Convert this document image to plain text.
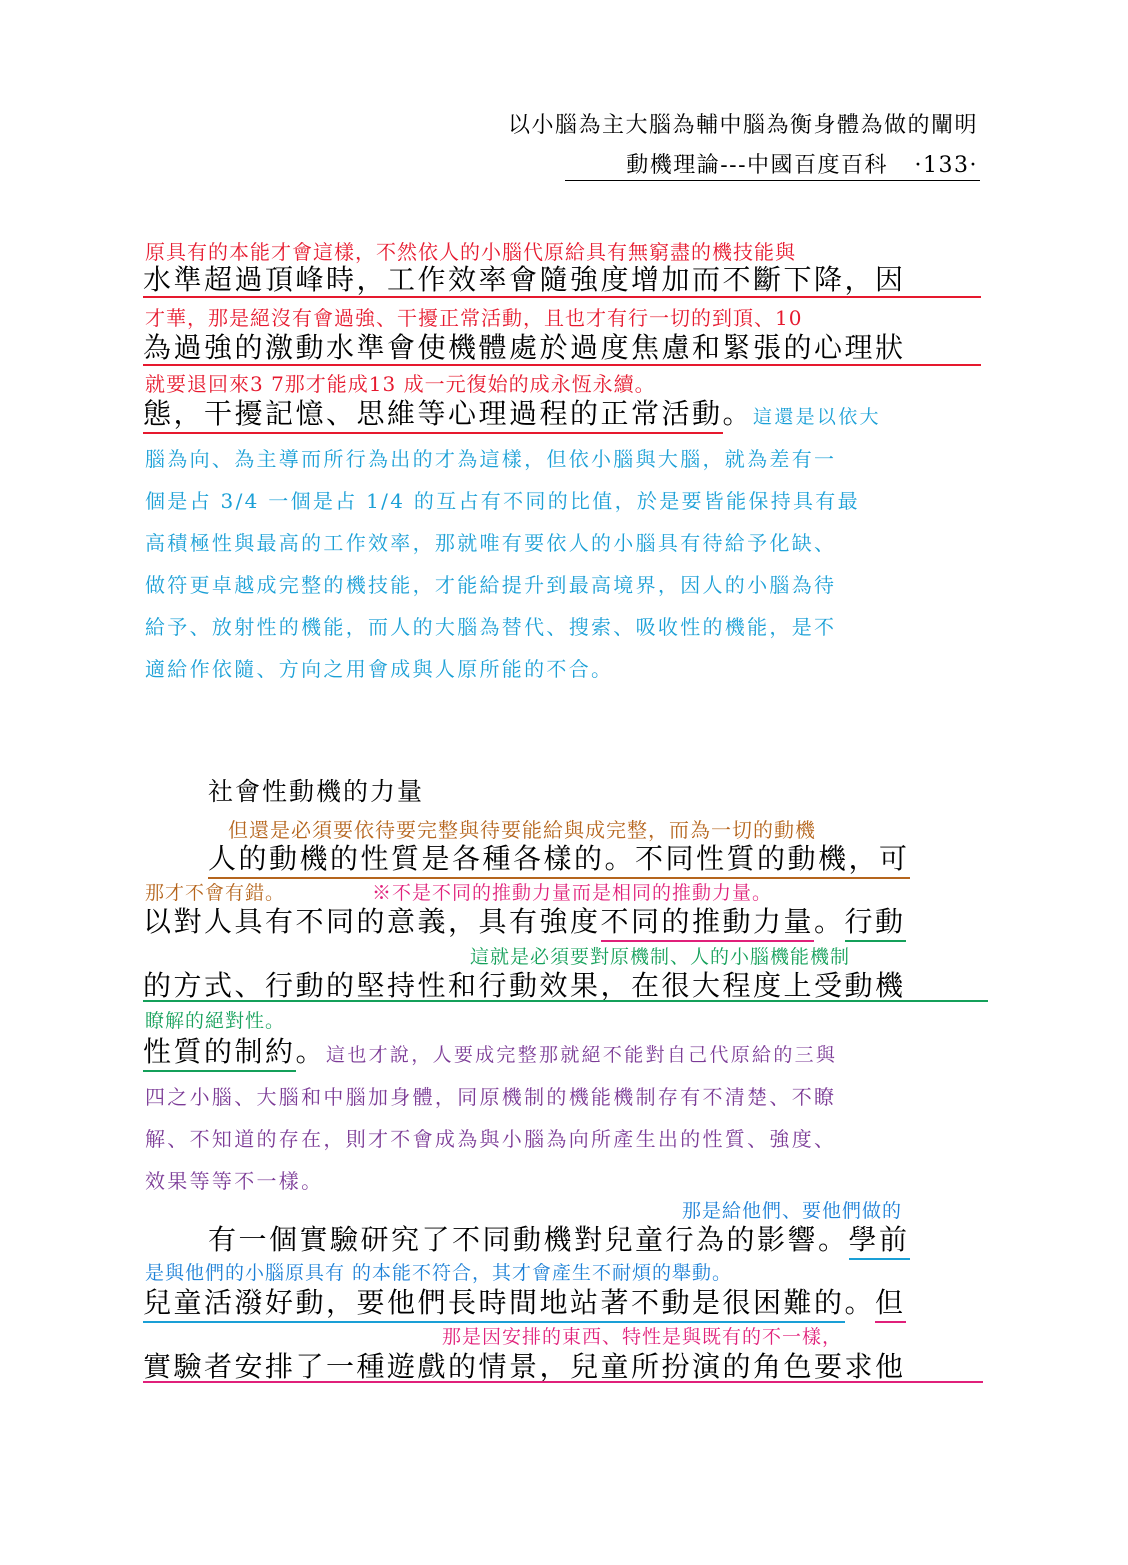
以小腦為主大腦為輔中腦為衡身體為做的闡明
動機理論---中國百度百科 ·133·
原具有的本能才會這樣，不然依人的小腦代原給具有無窮盡的機技能與
水準超過頂峰時，工作效率會隨強度增加而不斷下降，因
才華，那是絕沒有會過強、干擾正常活動，且也才有行一切的到頂、10
為過強的激動水準會使機體處於過度焦慮和緊張的心理狀
就要退回來3 7那才能成13 成一元復始的成永恆永續。
態，干擾記憶、思維等心理過程的正常活動。這還是以依大
腦為向、為主導而所行為出的才為這樣，但依小腦與大腦，就為差有一
個是占 3/4 一個是占 1/4 的互占有不同的比值，於是要皆能保持具有最
高積極性與最高的工作效率，那就唯有要依人的小腦具有待給予化缺、
做符更卓越成完整的機技能，才能給提升到最高境界，因人的小腦為待
給予、放射性的機能，而人的大腦為替代、搜索、吸收性的機能，是不
適給作依隨、方向之用會成與人原所能的不合。
社會性動機的力量
但還是必須要依待要完整與待要能給與成完整，而為一切的動機
人的動機的性質是各種各樣的。不同性質的動機，可
那才不會有錯。	※不是不同的推動力量而是相同的推動力量。
以對人具有不同的意義，具有強度不同的推動力量。行動
這就是必須要對原機制、人的小腦機能機制
的方式、行動的堅持性和行動效果，在很大程度上受動機
瞭解的絕對性。
性質的制約。這也才說，人要成完整那就絕不能對自己代原給的三與
四之小腦、大腦和中腦加身體，同原機制的機能機制存有不清楚、不瞭
解、不知道的存在，則才不會成為與小腦為向所產生出的性質、強度、
效果等等不一樣。
那是給他們、要他們做的
有一個實驗研究了不同動機對兒童行為的影響。學前
是與他們的小腦原具有 的本能不符合，其才會產生不耐煩的舉動。
兒童活潑好動，要他們長時間地站著不動是很困難的。但
那是因安排的東西、特性是與既有的不一樣，
實驗者安排了一種遊戲的情景，兒童所扮演的角色要求他
